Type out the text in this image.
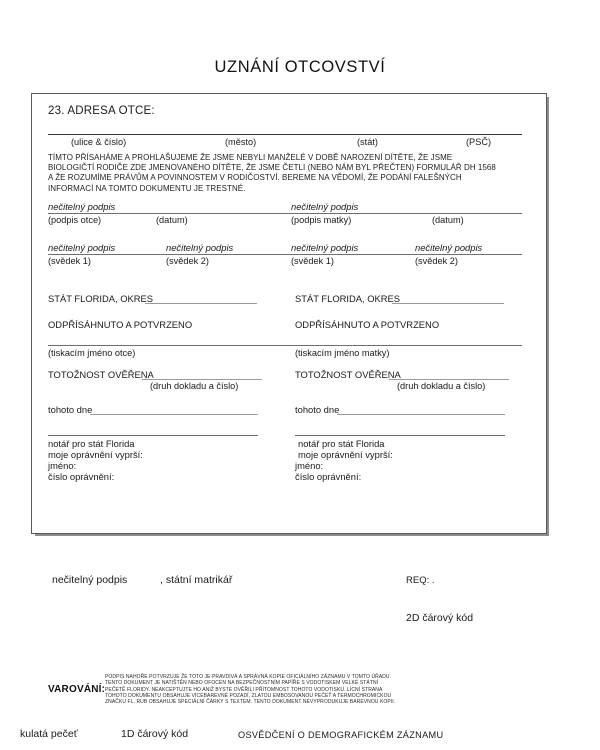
UZNÁNÍ OTCOVSTVÍ
23. ADRESA OTCE:
(ulice & číslo)	(město)	(stát)	(PSČ)
TÍMTO PŘÍSAHÁME A PROHLAŠUJEME ŽE JSME NEBYLI MANŽELÉ V DOBĚ NAROZENÍ DÍTĚTE, ŽE JSME
BIOLOGIČTÍ RODIČE ZDE JMENOVANÉHO DÍTĚTE, ŽE JSME ČETLI (NEBO NÁM BYL PŘEČTEN) FORMULÁŘ DH 1568
A ŽE ROZUMÍME PRÁVŮM A POVINNOSTEM V RODIČOSTVÍ. BEREME NA VĚDOMÍ, ŽE PODÁNÍ FALEŠNÝCH
INFORMACÍ NA TOMTO DOKUMENTU JE TRESTNÉ.
nečitelný podpis	nečitelný podpis
(podpis otce)	(datum)	(podpis matky)	(datum)
nečitelný podpis	nečitelný podpis	nečitelný podpis	nečitelný podpis
(svědek 1)	(svědek 2)	(svědek 1)	(svědek 2)
STÁT FLORIDA, OKRES
ODPŘÍSÁHNUTO A POTVRZENO
(tiskacím jméno otce)
TOTOŽNOST OVĚŘENA
(druh dokladu a číslo)
tohoto dne
notář pro stát Florida
moje oprávnění vyprší:
jméno:
číslo oprávnění:
STÁT FLORIDA, OKRES
ODPŘÍSÁHNUTO A POTVRZENO
(tiskacím jméno matky)
TOTOŽNOST OVĚŘENA
(druh dokladu a číslo)
tohoto dne
notář pro stát Florida
moje oprávnění vyprší:
jméno:
číslo oprávnění:
nečitelný podpis	, státní matrikář	REQ: .
2D čárový kód
VAROVÁNÍ:
PODPIS NAHOŘE POTVRZUJE ŽE TOTO JE PRAVDIVÁ A SPRÁVNÁ KOPIE OFICIÁLNÍHO ZÁZNAMU V TOMTO ÚŘADU.
TENTO DOKUMENT JE NATIŠTĚN NEBO OFOCEN NA BEZPEČNOSTNÍM PAPÍŘE S VODOTISKEM VELKÉ STÁTNÍ
PEČETĚ FLORIDY. NEAKCEPTUJTE HO ANIŽ BYSTE OVĚŘILI PŘÍTOMNOST TOHOTO VODOTISKU. LÍCNÍ STRANA
TOHOTO DOKUMENTU OBSAHUJE VÍCEBAREVNÉ POZADÍ, ZLATOU EMBOSOVANOU PEČEŤ A TERMOCHROMICKOU
ZNAČKU FL. RUB OBSAHUJE SPECIÁLNÍ ČÁRKY S TEXTEM. TENTO DOKUMENT NEVYPRODUKUJE BAREVNOU KOPII.
kulatá pečeť	1D čárový kód	OSVĚDČENÍ O DEMOGRAFICKÉM ZÁZNAMU
